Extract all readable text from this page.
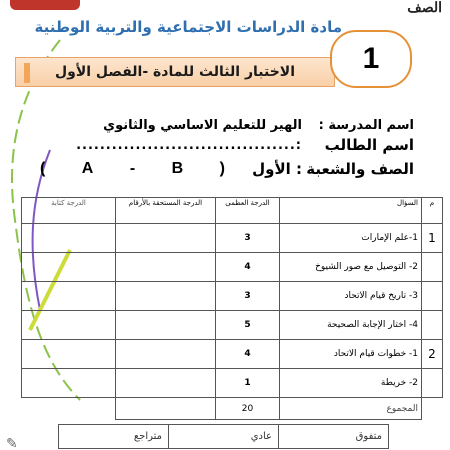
الصف
مادة الدراسات الاجتماعية والتربية الوطنية
1
الاختبار الثالث للمادة -الفصل الأول
اسم المدرسة :
الهير للتعليم الاساسي والثانوي
اسم الطالب
:.....................................
الصف والشعبة
: الأول
( A - B )
م	السؤال	الدرجة العظمى	الدرجة المستحقة بالأرقام	الدرجة كتابة
1	1-علم الإمارات	3		
	2- التوصيل مع صور الشيوخ	4		
	3- تاريخ قيام الاتحاد	3		
	4- اختار الإجابة الصحيحة	5		
2	1- خطوات قيام الاتحاد	4		
	2- خريطة	1		
	المجموع	20		
متفوق	عادي	متراجع
✎
